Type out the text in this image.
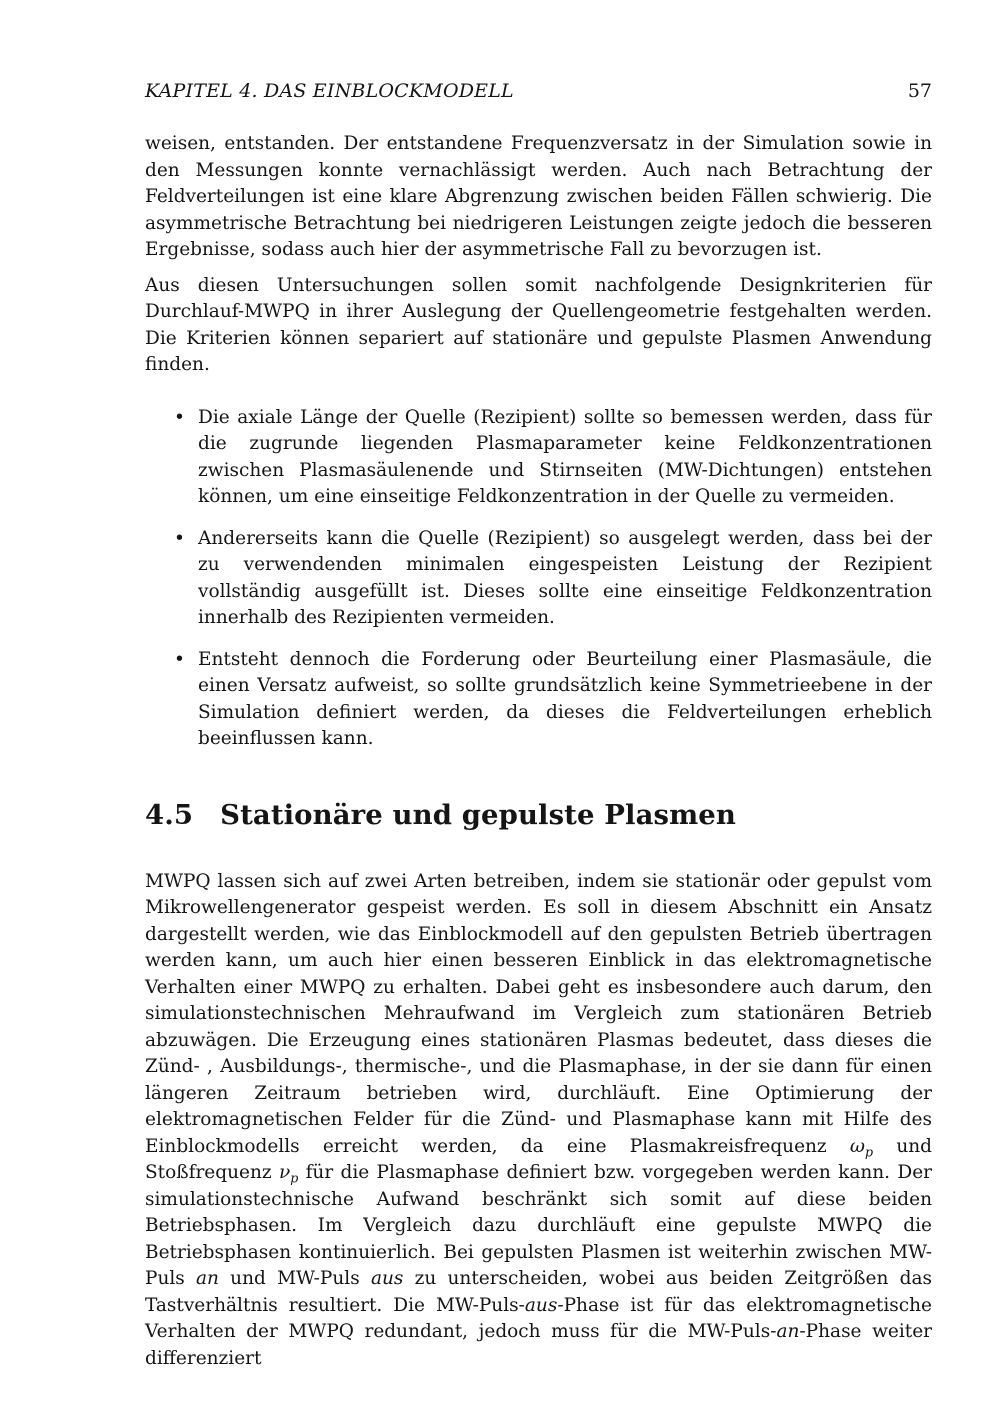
KAPITEL 4. DAS EINBLOCKMODELL	57

weisen, entstanden. Der entstandene Frequenzversatz in der Simulation sowie in den Messungen konnte vernachlässigt werden. Auch nach Betrachtung der Feldverteilungen ist eine klare Abgrenzung zwischen beiden Fällen schwierig. Die asymmetrische Betrachtung bei niedrigeren Leistungen zeigte jedoch die besseren Ergebnisse, sodass auch hier der asymmetrische Fall zu bevorzugen ist.

Aus diesen Untersuchungen sollen somit nachfolgende Designkriterien für Durchlauf-MWPQ in ihrer Auslegung der Quellengeometrie festgehalten werden. Die Kriterien können separiert auf stationäre und gepulste Plasmen Anwendung finden.

• Die axiale Länge der Quelle (Rezipient) sollte so bemessen werden, dass für die zugrunde liegenden Plasmaparameter keine Feldkonzentrationen zwischen Plasmasäulenende und Stirnseiten (MW-Dichtungen) entstehen können, um eine einseitige Feldkonzentration in der Quelle zu vermeiden.
• Andererseits kann die Quelle (Rezipient) so ausgelegt werden, dass bei der zu verwendenden minimalen eingespeisten Leistung der Rezipient vollständig ausgefüllt ist. Dieses sollte eine einseitige Feldkonzentration innerhalb des Rezipienten vermeiden.
• Entsteht dennoch die Forderung oder Beurteilung einer Plasmasäule, die einen Versatz aufweist, so sollte grundsätzlich keine Symmetrieebene in der Simulation definiert werden, da dieses die Feldverteilungen erheblich beeinflussen kann.
4.5 Stationäre und gepulste Plasmen

MWPQ lassen sich auf zwei Arten betreiben, indem sie stationär oder gepulst vom Mikrowellengenerator gespeist werden. Es soll in diesem Abschnitt ein Ansatz dargestellt werden, wie das Einblockmodell auf den gepulsten Betrieb übertragen werden kann, um auch hier einen besseren Einblick in das elektromagnetische Verhalten einer MWPQ zu erhalten. Dabei geht es insbesondere auch darum, den simulationstechnischen Mehraufwand im Vergleich zum stationären Betrieb abzuwägen. Die Erzeugung eines stationären Plasmas bedeutet, dass dieses die Zünd- , Ausbildungs-, thermische-, und die Plasmaphase, in der sie dann für einen längeren Zeitraum betrieben wird, durchläuft. Eine Optimierung der elektromagnetischen Felder für die Zünd- und Plasmaphase kann mit Hilfe des Einblockmodells erreicht werden, da eine Plasmakreisfrequenz $\omega_p$ und Stoßfrequenz $\nu_p$ für die Plasmaphase definiert bzw. vorgegeben werden kann. Der simulationstechnische Aufwand beschränkt sich somit auf diese beiden Betriebsphasen. Im Vergleich dazu durchläuft eine gepulste MWPQ die Betriebsphasen kontinuierlich. Bei gepulsten Plasmen ist weiterhin zwischen MW-Puls an und MW-Puls aus zu unterscheiden, wobei aus beiden Zeitgrößen das Tastverhältnis resultiert. Die MW-Puls-aus-Phase ist für das elektromagnetische Verhalten der MWPQ redundant, jedoch muss für die MW-Puls-an-Phase weiter differenziert
